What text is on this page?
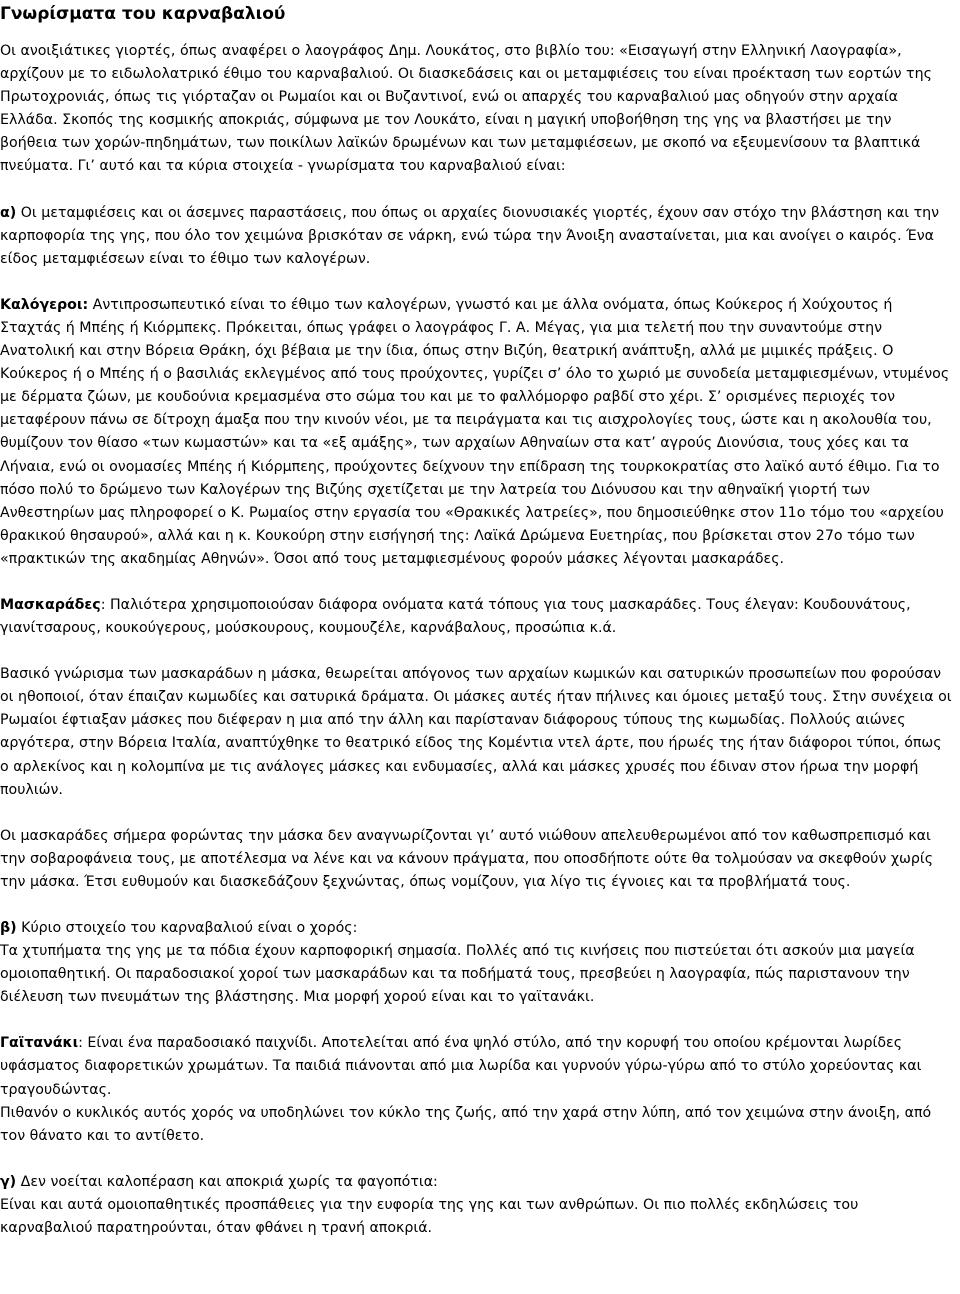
Γνωρίσματα του καρναβαλιού

Οι ανοιξιάτικες γιορτές, όπως αναφέρει ο λαογράφος Δημ. Λουκάτος, στο βιβλίο του: «Εισαγωγή στην Ελληνική Λαογραφία», αρχίζουν με το ειδωλολατρικό έθιμο του καρναβαλιού. Οι διασκεδάσεις και οι μεταμφιέσεις του είναι προέκταση των εορτών της Πρωτοχρονιάς, όπως τις γιόρταζαν οι Ρωμαίοι και οι Βυζαντινοί, ενώ οι απαρχές του καρναβαλιού μας οδηγούν στην αρχαία Ελλάδα. Σκοπός της κοσμικής αποκριάς, σύμφωνα με τον Λουκάτο, είναι η μαγική υποβοήθηση της γης να βλαστήσει με την βοήθεια των χορών-πηδημάτων, των ποικίλων λαϊκών δρωμένων και των μεταμφιέσεων, με σκοπό να εξευμενίσουν τα βλαπτικά πνεύματα. Γι’ αυτό και τα κύρια στοιχεία - γνωρίσματα του καρναβαλιού είναι:

α) Οι μεταμφιέσεις και οι άσεμνες παραστάσεις, που όπως οι αρχαίες διονυσιακές γιορτές, έχουν σαν στόχο την βλάστηση και την καρποφορία της γης, που όλο τον χειμώνα βρισκόταν σε νάρκη, ενώ τώρα την Άνοιξη ανασταίνεται, μια και ανοίγει ο καιρός. Ένα είδος μεταμφιέσεων είναι το έθιμο των καλογέρων.

Καλόγεροι: Αντιπροσωπευτικό είναι το έθιμο των καλογέρων, γνωστό και με άλλα ονόματα, όπως Κούκερος ή Χούχουτος ή Σταχτάς ή Μπέης ή Κιόρμπεκς. Πρόκειται, όπως γράφει ο λαογράφος Γ. Α. Μέγας, για μια τελετή που την συναντούμε στην Ανατολική και στην Βόρεια Θράκη, όχι βέβαια με την ίδια, όπως στην Βιζύη, θεατρική ανάπτυξη, αλλά με μιμικές πράξεις. Ο Κούκερος ή ο Μπέης ή ο βασιλιάς εκλεγμένος από τους προύχοντες, γυρίζει σ’ όλο το χωριό με συνοδεία μεταμφιεσμένων, ντυμένος με δέρματα ζώων, με κουδούνια κρεμασμένα στο σώμα του και με το φαλλόμορφο ραβδί στο χέρι. Σ’ ορισμένες περιοχές τον μεταφέρουν πάνω σε δίτροχη άμαξα που την κινούν νέοι, με τα πειράγματα και τις αισχρολογίες τους, ώστε και η ακολουθία του, θυμίζουν τον θίασο «των κωμαστών» και τα «εξ αμάξης», των αρχαίων Αθηναίων στα κατ’ αγρούς Διονύσια, τους χόες και τα Λήναια, ενώ οι ονομασίες Μπέης ή Κιόρμπεης, προύχοντες δείχνουν την επίδραση της τουρκοκρατίας στο λαϊκό αυτό έθιμο. Για το πόσο πολύ το δρώμενο των Καλογέρων της Βιζύης σχετίζεται με την λατρεία του Διόνυσου και την αθηναϊκή γιορτή των Ανθεστηρίων μας πληροφορεί ο Κ. Ρωμαίος στην εργασία του «Θρακικές λατρείες», που δημοσιεύθηκε στον 11ο τόμο του «αρχείου θρακικού θησαυρού», αλλά και η κ. Κουκούρη στην εισήγησή της: Λαϊκά Δρώμενα Ευετηρίας, που βρίσκεται στον 27ο τόμο των «πρακτικών της ακαδημίας Αθηνών». Όσοι από τους μεταμφιεσμένους φορούν μάσκες λέγονται μασκαράδες.

Μασκαράδες: Παλιότερα χρησιμοποιούσαν διάφορα ονόματα κατά τόπους για τους μασκαράδες. Τους έλεγαν: Κουδουνάτους, γιανίτσαρους, κουκούγερους, μούσκουρους, κουμουζέλε, καρνάβαλους, προσώπια κ.ά.

Βασικό γνώρισμα των μασκαράδων η μάσκα, θεωρείται απόγονος των αρχαίων κωμικών και σατυρικών προσωπείων που φορούσαν οι ηθοποιοί, όταν έπαιζαν κωμωδίες και σατυρικά δράματα. Οι μάσκες αυτές ήταν πήλινες και όμοιες μεταξύ τους. Στην συνέχεια οι Ρωμαίοι έφτιαξαν μάσκες που διέφεραν η μια από την άλλη και παρίσταναν διάφορους τύπους της κωμωδίας. Πολλούς αιώνες αργότερα, στην Βόρεια Ιταλία, αναπτύχθηκε το θεατρικό είδος της Κομέντια ντελ άρτε, που ήρωές της ήταν διάφοροι τύποι, όπως ο αρλεκίνος και η κολομπίνα με τις ανάλογες μάσκες και ενδυμασίες, αλλά και μάσκες χρυσές που έδιναν στον ήρωα την μορφή πουλιών.

Οι μασκαράδες σήμερα φορώντας την μάσκα δεν αναγνωρίζονται γι’ αυτό νιώθουν απελευθερωμένοι από τον καθωσπρεπισμό και την σοβαροφάνεια τους, με αποτέλεσμα να λένε και να κάνουν πράγματα, που οποσδήποτε ούτε θα τολμούσαν να σκεφθούν χωρίς την μάσκα. Έτσι ευθυμούν και διασκεδάζουν ξεχνώντας, όπως νομίζουν, για λίγο τις έγνοιες και τα προβλήματά τους.

β) Κύριο στοιχείο του καρναβαλιού είναι ο χορός:
Τα χτυπήματα της γης με τα πόδια έχουν καρποφορική σημασία. Πολλές από τις κινήσεις που πιστεύεται ότι ασκούν μια μαγεία ομοιοπαθητική. Οι παραδοσιακοί χοροί των μασκαράδων και τα ποδήματά τους, πρεσβεύει η λαογραφία, πώς παριστανουν την διέλευση των πνευμάτων της βλάστησης. Μια μορφή χορού είναι και το γαϊτανάκι.

Γαϊτανάκι: Είναι ένα παραδοσιακό παιχνίδι. Αποτελείται από ένα ψηλό στύλο, από την κορυφή του οποίου κρέμονται λωρίδες υφάσματος διαφορετικών χρωμάτων. Τα παιδιά πιάνονται από μια λωρίδα και γυρνούν γύρω-γύρω από το στύλο χορεύοντας και τραγουδώντας.

Πιθανόν ο κυκλικός αυτός χορός να υποδηλώνει τον κύκλο της ζωής, από την χαρά στην λύπη, από τον χειμώνα στην άνοιξη, από τον θάνατο και το αντίθετο.

γ) Δεν νοείται καλοπέραση και αποκριά χωρίς τα φαγοπότια:
Είναι και αυτά ομοιοπαθητικές προσπάθειες για την ευφορία της γης και των ανθρώπων. Οι πιο πολλές εκδηλώσεις του καρναβαλιού παρατηρούνται, όταν φθάνει η τρανή αποκριά.
